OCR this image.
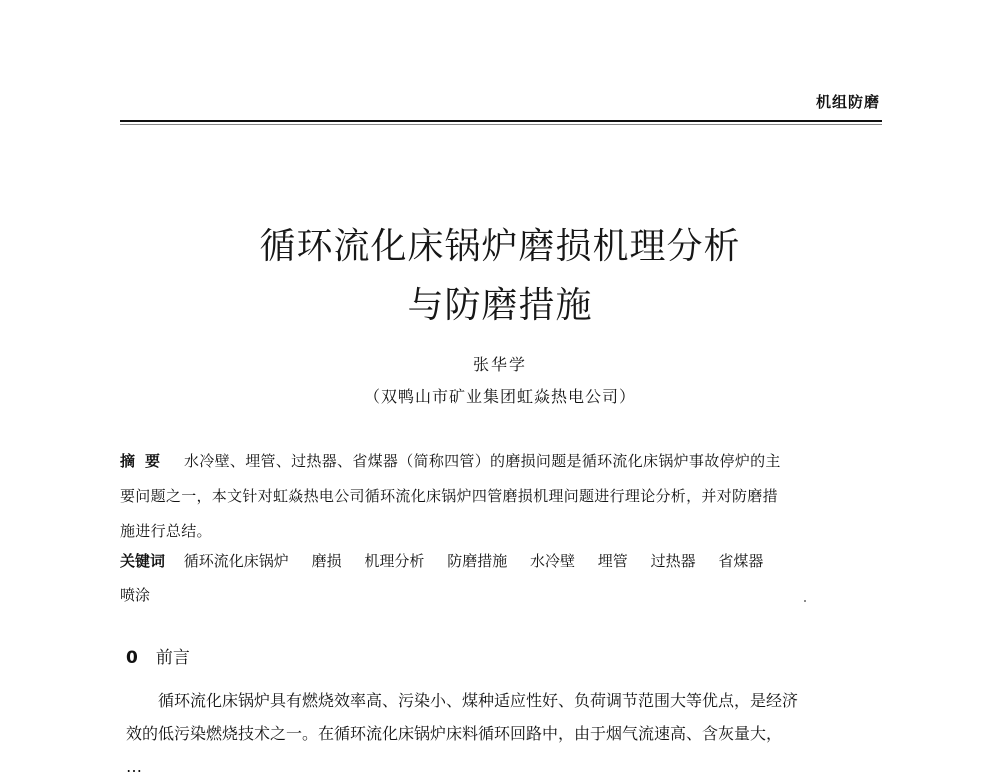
机组防磨
循环流化床锅炉磨损机理分析
与防磨措施
张华学
（双鸭山市矿业集团虹焱热电公司）
摘要 水冷壁、埋管、过热器、省煤器（简称四管）的磨损问题是循环流化床锅炉事故停炉的主
要问题之一，本文针对虹焱热电公司循环流化床锅炉四管磨损机理问题进行理论分析，并对防磨措
施进行总结。
关键词 循环流化床锅炉 磨损 机理分析 防磨措施 水冷壁 埋管 过热器 省煤器
喷涂
0 前言
循环流化床锅炉具有燃烧效率高、污染小、煤种适应性好、负荷调节范围大等优点，是经济
效的低污染燃烧技术之一。在循环流化床锅炉床料循环回路中，由于烟气流速高、含灰量大，
…
